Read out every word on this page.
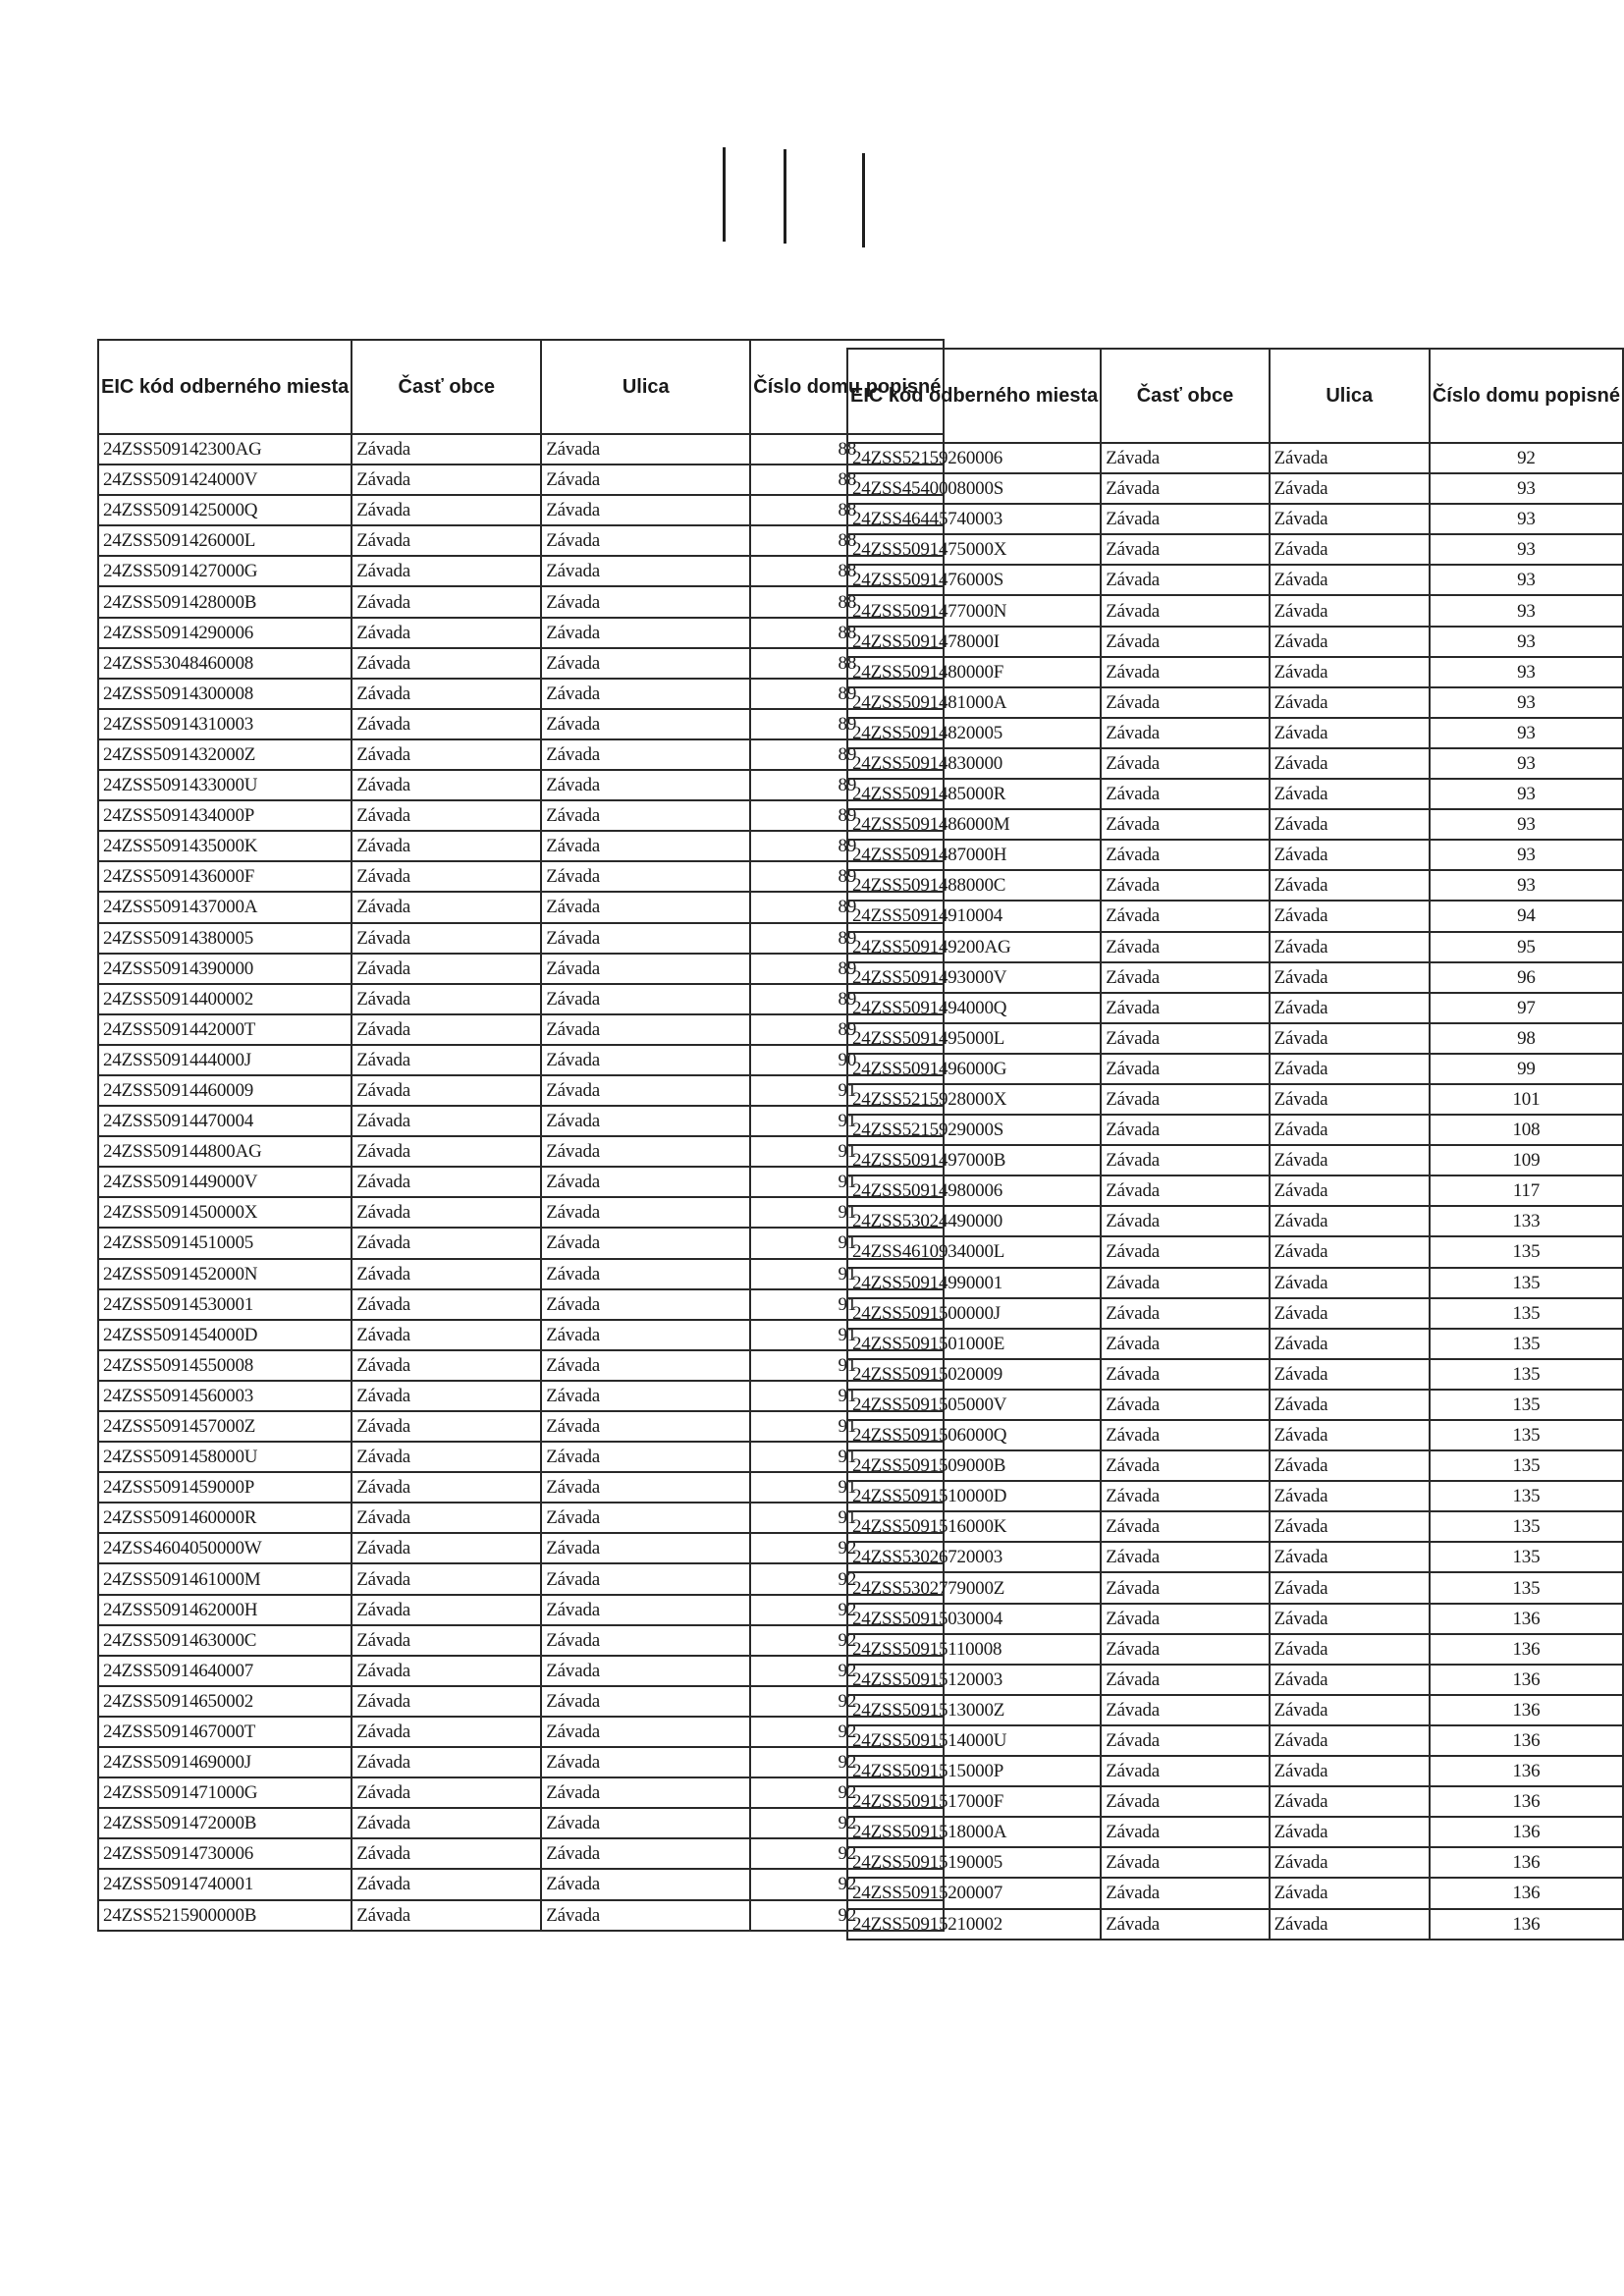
EIC kód odberného miesta	Časť obce	Ulica	Číslo domu popisné
24ZSS509142300AG	Závada	Závada	88
24ZSS5091424000V	Závada	Závada	88
24ZSS5091425000Q	Závada	Závada	88
24ZSS5091426000L	Závada	Závada	88
24ZSS5091427000G	Závada	Závada	88
24ZSS5091428000B	Závada	Závada	88
24ZSS50914290006	Závada	Závada	88
24ZSS53048460008	Závada	Závada	88
24ZSS50914300008	Závada	Závada	89
24ZSS50914310003	Závada	Závada	89
24ZSS5091432000Z	Závada	Závada	89
24ZSS5091433000U	Závada	Závada	89
24ZSS5091434000P	Závada	Závada	89
24ZSS5091435000K	Závada	Závada	89
24ZSS5091436000F	Závada	Závada	89
24ZSS5091437000A	Závada	Závada	89
24ZSS50914380005	Závada	Závada	89
24ZSS50914390000	Závada	Závada	89
24ZSS50914400002	Závada	Závada	89
24ZSS5091442000T	Závada	Závada	89
24ZSS5091444000J	Závada	Závada	90
24ZSS50914460009	Závada	Závada	91
24ZSS50914470004	Závada	Závada	91
24ZSS509144800AG	Závada	Závada	91
24ZSS5091449000V	Závada	Závada	91
24ZSS5091450000X	Závada	Závada	91
24ZSS50914510005	Závada	Závada	91
24ZSS5091452000N	Závada	Závada	91
24ZSS50914530001	Závada	Závada	91
24ZSS5091454000D	Závada	Závada	91
24ZSS50914550008	Závada	Závada	91
24ZSS50914560003	Závada	Závada	91
24ZSS5091457000Z	Závada	Závada	91
24ZSS5091458000U	Závada	Závada	91
24ZSS5091459000P	Závada	Závada	91
24ZSS5091460000R	Závada	Závada	91
24ZSS4604050000W	Závada	Závada	92
24ZSS5091461000M	Závada	Závada	92
24ZSS5091462000H	Závada	Závada	92
24ZSS5091463000C	Závada	Závada	92
24ZSS50914640007	Závada	Závada	92
24ZSS50914650002	Závada	Závada	92
24ZSS5091467000T	Závada	Závada	92
24ZSS5091469000J	Závada	Závada	92
24ZSS5091471000G	Závada	Závada	92
24ZSS5091472000B	Závada	Závada	92
24ZSS50914730006	Závada	Závada	92
24ZSS50914740001	Závada	Závada	92
24ZSS5215900000B	Závada	Závada	92
EIC kód odberného miesta	Časť obce	Ulica	Číslo domu popisné
24ZSS52159260006	Závada	Závada	92
24ZSS4540008000S	Závada	Závada	93
24ZSS46445740003	Závada	Závada	93
24ZSS5091475000X	Závada	Závada	93
24ZSS5091476000S	Závada	Závada	93
24ZSS5091477000N	Závada	Závada	93
24ZSS5091478000I	Závada	Závada	93
24ZSS5091480000F	Závada	Závada	93
24ZSS5091481000A	Závada	Závada	93
24ZSS50914820005	Závada	Závada	93
24ZSS50914830000	Závada	Závada	93
24ZSS5091485000R	Závada	Závada	93
24ZSS5091486000M	Závada	Závada	93
24ZSS5091487000H	Závada	Závada	93
24ZSS5091488000C	Závada	Závada	93
24ZSS50914910004	Závada	Závada	94
24ZSS509149200AG	Závada	Závada	95
24ZSS5091493000V	Závada	Závada	96
24ZSS5091494000Q	Závada	Závada	97
24ZSS5091495000L	Závada	Závada	98
24ZSS5091496000G	Závada	Závada	99
24ZSS5215928000X	Závada	Závada	101
24ZSS5215929000S	Závada	Závada	108
24ZSS5091497000B	Závada	Závada	109
24ZSS50914980006	Závada	Závada	117
24ZSS53024490000	Závada	Závada	133
24ZSS4610934000L	Závada	Závada	135
24ZSS50914990001	Závada	Závada	135
24ZSS5091500000J	Závada	Závada	135
24ZSS5091501000E	Závada	Závada	135
24ZSS50915020009	Závada	Závada	135
24ZSS5091505000V	Závada	Závada	135
24ZSS5091506000Q	Závada	Závada	135
24ZSS5091509000B	Závada	Závada	135
24ZSS5091510000D	Závada	Závada	135
24ZSS5091516000K	Závada	Závada	135
24ZSS53026720003	Závada	Závada	135
24ZSS5302779000Z	Závada	Závada	135
24ZSS50915030004	Závada	Závada	136
24ZSS50915110008	Závada	Závada	136
24ZSS50915120003	Závada	Závada	136
24ZSS5091513000Z	Závada	Závada	136
24ZSS5091514000U	Závada	Závada	136
24ZSS5091515000P	Závada	Závada	136
24ZSS5091517000F	Závada	Závada	136
24ZSS5091518000A	Závada	Závada	136
24ZSS50915190005	Závada	Závada	136
24ZSS50915200007	Závada	Závada	136
24ZSS50915210002	Závada	Závada	136
